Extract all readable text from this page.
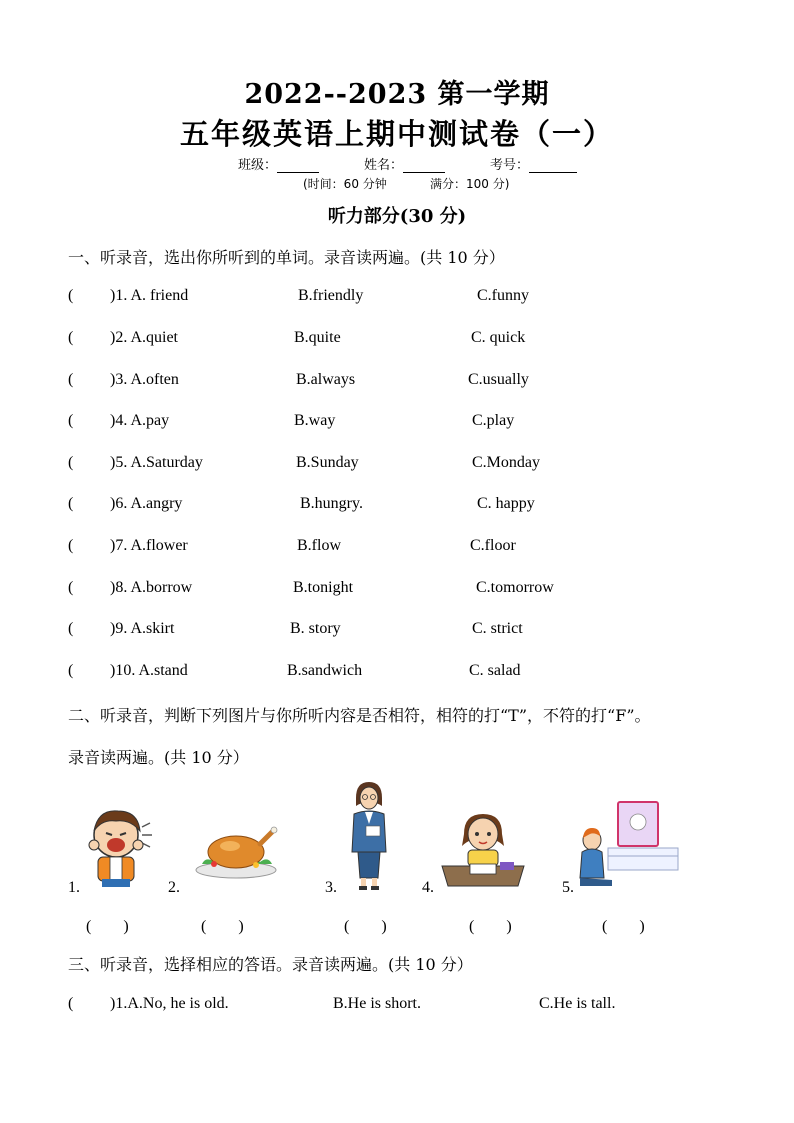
2022--2023 第一学期
五年级英语上期中测试卷（一）
班级：	姓名：	考号：
(时间：60 分钟	满分：100 分)
听力部分(30 分)
一、听录音，选出你所听到的单词。录音读两遍。(共 10 分）
( )1. A. friend	B.friendly	C.funny
( )2. A.quiet	B.quite	C. quick
( )3. A.often	B.always	C.usually
( )4. A.pay	B.way	C.play
( )5. A.Saturday	B.Sunday	C.Monday
( )6. A.angry	B.hungry.	C. happy
( )7. A.flower	B.flow	C.floor
( )8. A.borrow	B.tonight	C.tomorrow
( )9. A.skirt	B. story	C. strict
( )10. A.stand	B.sandwich	C. salad
二、听录音，判断下列图片与你所听内容是否相符，相符的打“T”，不符的打“F”。
录音读两遍。(共 10 分）
1.	2.	3.	4.	5.
(　　)	(　　)	(　　)	(　　)	(　　)
三、听录音，选择相应的答语。录音读两遍。(共 10 分）
( )1.A.No, he is old.	B.He is short.	C.He is tall.
